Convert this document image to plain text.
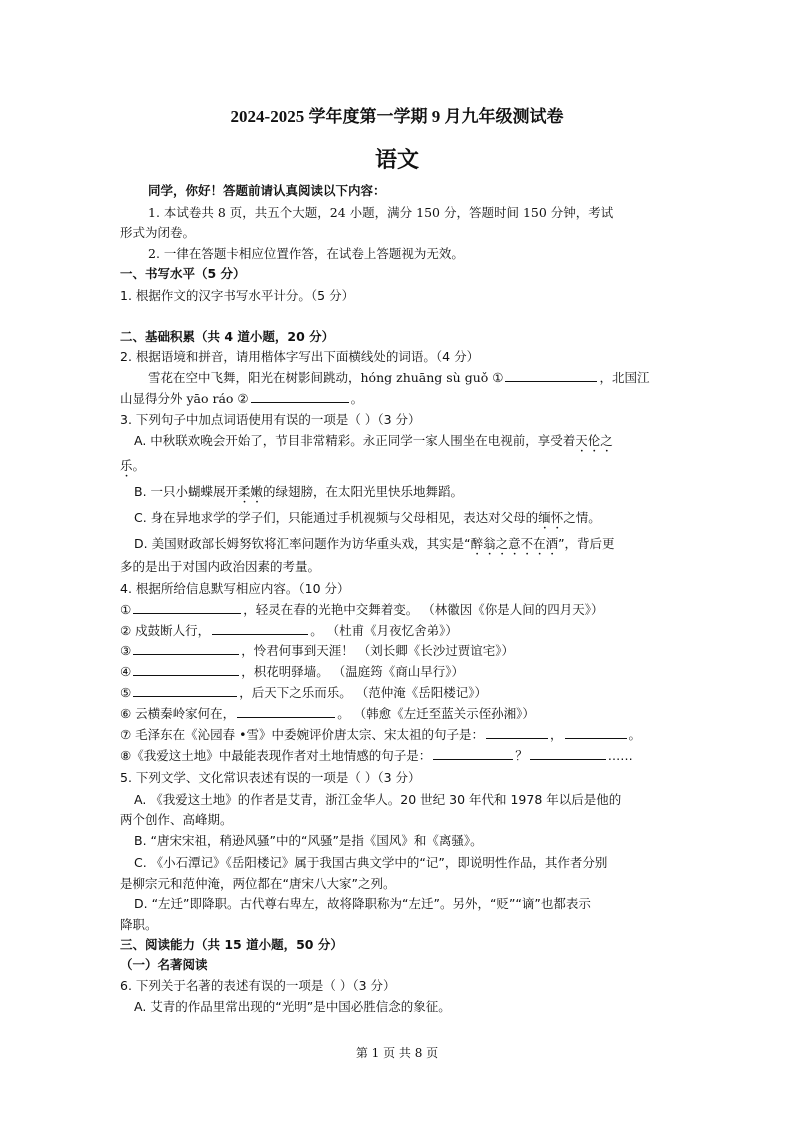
2024-2025 学年度第一学期 9 月九年级测试卷
语文
同学，你好！答题前请认真阅读以下内容：
1. 本试卷共 8 页，共五个大题，24 小题，满分 150 分，答题时间 150 分钟，考试
形式为闭卷。
2. 一律在答题卡相应位置作答，在试卷上答题视为无效。
一、书写水平（5 分）
1. 根据作文的汉字书写水平计分。（5 分）
二、基础积累（共 4 道小题，20 分）
2. 根据语境和拼音，请用楷体字写出下面横线处的词语。（4 分）
雪花在空中飞舞，阳光在树影间跳动，hóng zhuāng sù guǒ ①	，北国江
山显得分外 yāo ráo ②	。
3. 下列句子中加点词语使用有误的一项是（ ）（3 分）
A. 中秋联欢晚会开始了，节目非常精彩。永正同学一家人围坐在电视前，享受着天伦之
乐。
B. 一只小蝴蝶展开柔嫩的绿翅膀，在太阳光里快乐地舞蹈。
C. 身在异地求学的学子们，只能通过手机视频与父母相见，表达对父母的缅怀之情。
D. 美国财政部长姆努钦将汇率问题作为访华重头戏，其实是“醉翁之意不在酒”，背后更
多的是出于对国内政治因素的考量。
4. 根据所给信息默写相应内容。（10 分）
①	，轻灵在春的光艳中交舞着变。 （林徽因《你是人间的四月天》）
② 戍鼓断人行，	。 （杜甫《月夜忆舍弟》）
③	，怜君何事到天涯！ （刘长卿《长沙过贾谊宅》）
④	，枳花明驿墙。 （温庭筠《商山早行》）
⑤	，后天下之乐而乐。 （范仲淹《岳阳楼记》）
⑥ 云横秦岭家何在，	。 （韩愈《左迁至蓝关示侄孙湘》）
⑦ 毛泽东在《沁园春 •雪》中委婉评价唐太宗、宋太祖的句子是：	，	。
⑧《我爱这土地》中最能表现作者对土地情感的句子是：	？	……
5. 下列文学、文化常识表述有误的一项是（ ）（3 分）
A. 《我爱这土地》的作者是艾青，浙江金华人。20 世纪 30 年代和 1978 年以后是他的
两个创作、高峰期。
B. “唐宋宋祖，稍逊风骚”中的“风骚”是指《国风》和《离骚》。
C. 《小石潭记》《岳阳楼记》属于我国古典文学中的“记”，即说明性作品，其作者分别
是柳宗元和范仲淹，两位都在“唐宋八大家”之列。
D. “左迁”即降职。古代尊右卑左，故将降职称为“左迁”。另外，“贬”“谪”也都表示
降职。
三、阅读能力（共 15 道小题，50 分）
（一）名著阅读
6. 下列关于名著的表述有误的一项是（ ）（3 分）
A. 艾青的作品里常出现的“光明”是中国必胜信念的象征。
第 1 页 共 8 页
